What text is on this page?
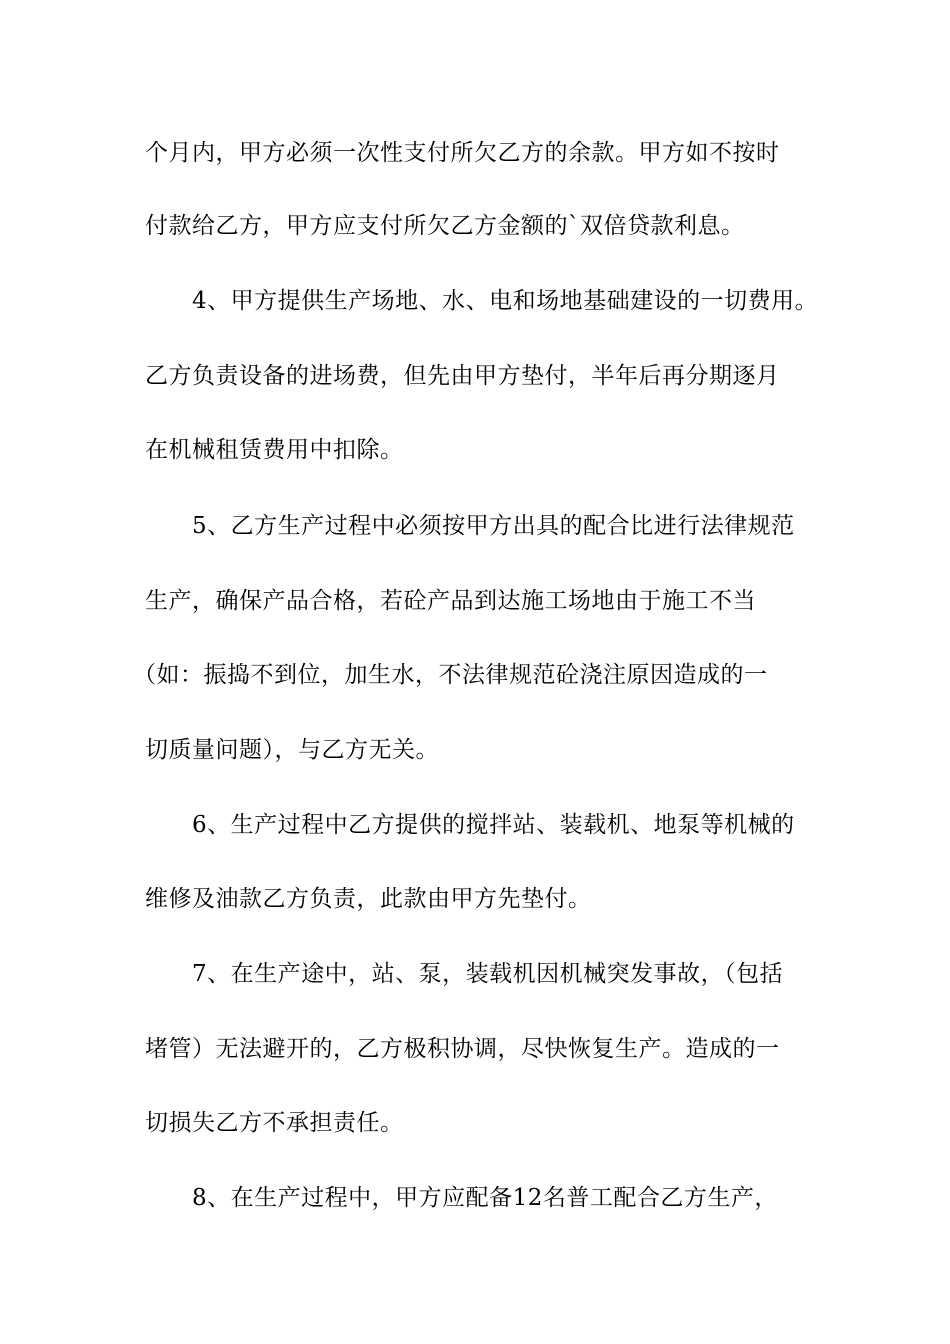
个月内，甲方必须一次性支付所欠乙方的余款。甲方如不按时
付款给乙方，甲方应支付所欠乙方金额的`双倍贷款利息。
4、甲方提供生产场地、水、电和场地基础建设的一切费用。
乙方负责设备的进场费，但先由甲方垫付，半年后再分期逐月
在机械租赁费用中扣除。
5、乙方生产过程中必须按甲方出具的配合比进行法律规范
生产，确保产品合格，若砼产品到达施工场地由于施工不当
（如：振捣不到位，加生水，不法律规范砼浇注原因造成的一
切质量问题），与乙方无关。
6、生产过程中乙方提供的搅拌站、装载机、地泵等机械的
维修及油款乙方负责，此款由甲方先垫付。
7、在生产途中，站、泵，装载机因机械突发事故，（包括
堵管）无法避开的，乙方极积协调，尽快恢复生产。造成的一
切损失乙方不承担责任。
8、在生产过程中，甲方应配备12名普工配合乙方生产，
